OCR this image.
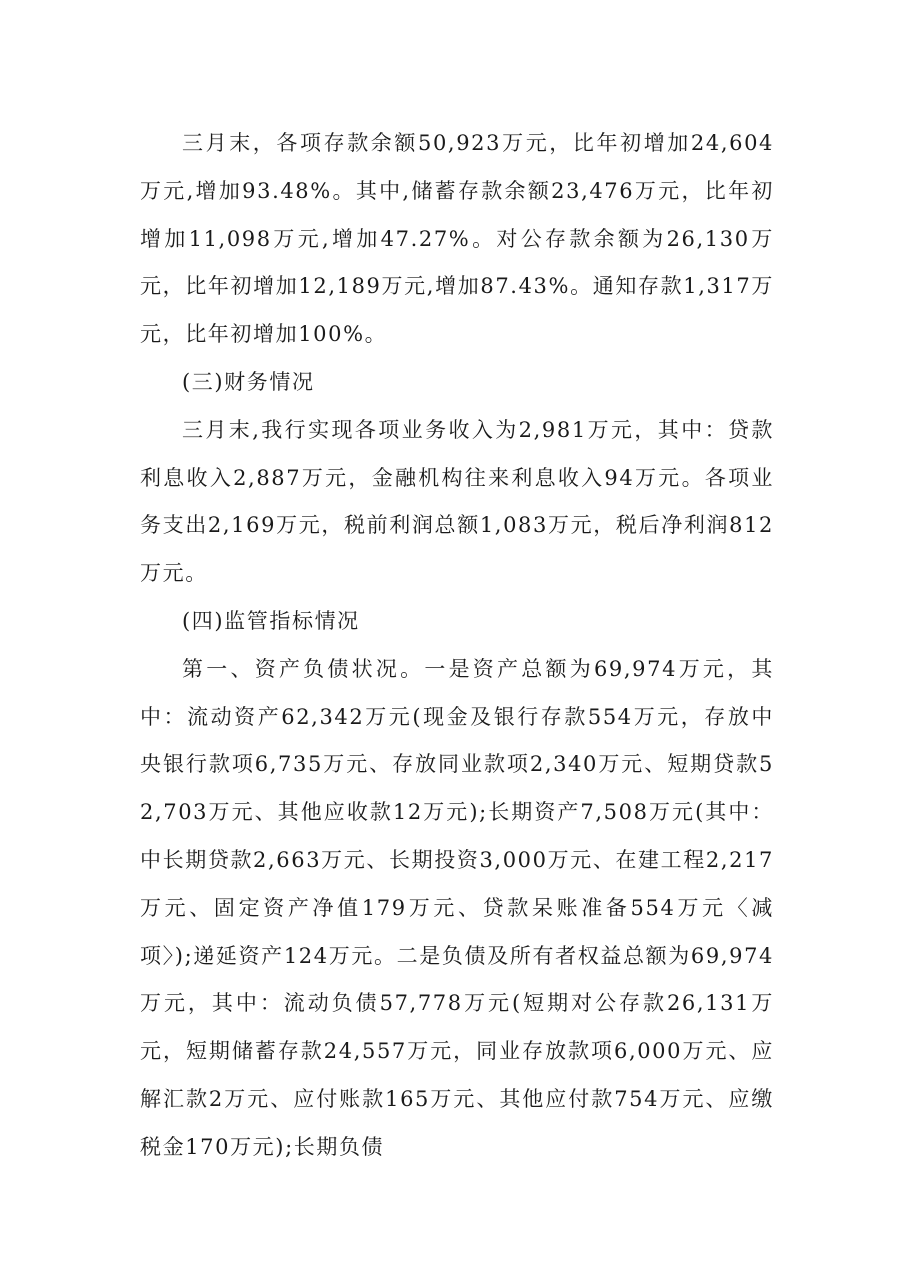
三月末，各项存款余额50,923万元，比年初增加24,604万元,增加93.48%。其中,储蓄存款余额23,476万元，比年初增加11,098万元,增加47.27%。对公存款余额为26,130万元，比年初增加12,189万元,增加87.43%。通知存款1,317万元，比年初增加100%。

(三)财务情况

三月末,我行实现各项业务收入为2,981万元，其中：贷款利息收入2,887万元，金融机构往来利息收入94万元。各项业务支出2,169万元，税前利润总额1,083万元，税后净利润812万元。

(四)监管指标情况

第一、资产负债状况。一是资产总额为69,974万元，其中：流动资产62,342万元(现金及银行存款554万元，存放中央银行款项6,735万元、存放同业款项2,340万元、短期贷款52,703万元、其他应收款12万元);长期资产7,508万元(其中：中长期贷款2,663万元、长期投资3,000万元、在建工程2,217万元、固定资产净值179万元、贷款呆账准备554万元〈减项〉);递延资产124万元。二是负债及所有者权益总额为69,974万元，其中：流动负债57,778万元(短期对公存款26,131万元，短期储蓄存款24,557万元，同业存放款项6,000万元、应解汇款2万元、应付账款165万元、其他应付款754万元、应缴税金170万元);长期负债
